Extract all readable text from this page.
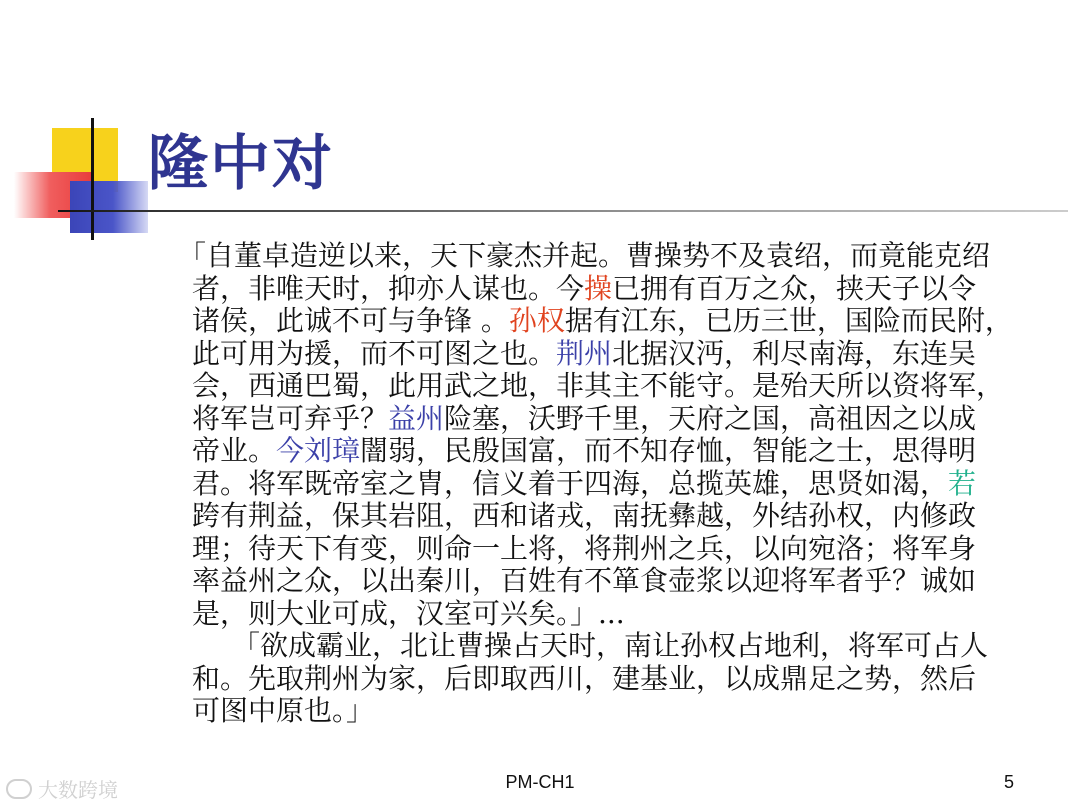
隆中对
「自董卓造逆以来，天下豪杰并起。曹操势不及袁绍，而竟能克绍
者，非唯天时，抑亦人谋也。今操已拥有百万之众，挟天子以令
诸侯，此诚不可与争锋 。孙权据有江东，已历三世，国险而民附，
此可用为援，而不可图之也。荆州北据汉沔，利尽南海，东连吴
会，西通巴蜀，此用武之地，非其主不能守。是殆天所以资将军，
将军岂可弃乎？益州险塞，沃野千里，天府之国，高祖因之以成
帝业。今刘璋闇弱，民殷国富，而不知存恤，智能之士，思得明
君。将军既帝室之胄，信义着于四海，总揽英雄，思贤如渴，若
跨有荆益，保其岩阻，西和诸戎，南抚彝越，外结孙权，内修政
理；待天下有变，则命一上将，将荆州之兵，以向宛洛；将军身
率益州之众，以出秦川，百姓有不箪食壶浆以迎将军者乎？诚如
是，则大业可成，汉室可兴矣。」...
「欲成霸业，北让曹操占天时，南让孙权占地利，将军可占人
和。先取荆州为家，后即取西川，建基业，以成鼎足之势，然后
可图中原也。」
大数跨境	PM-CH1	5
